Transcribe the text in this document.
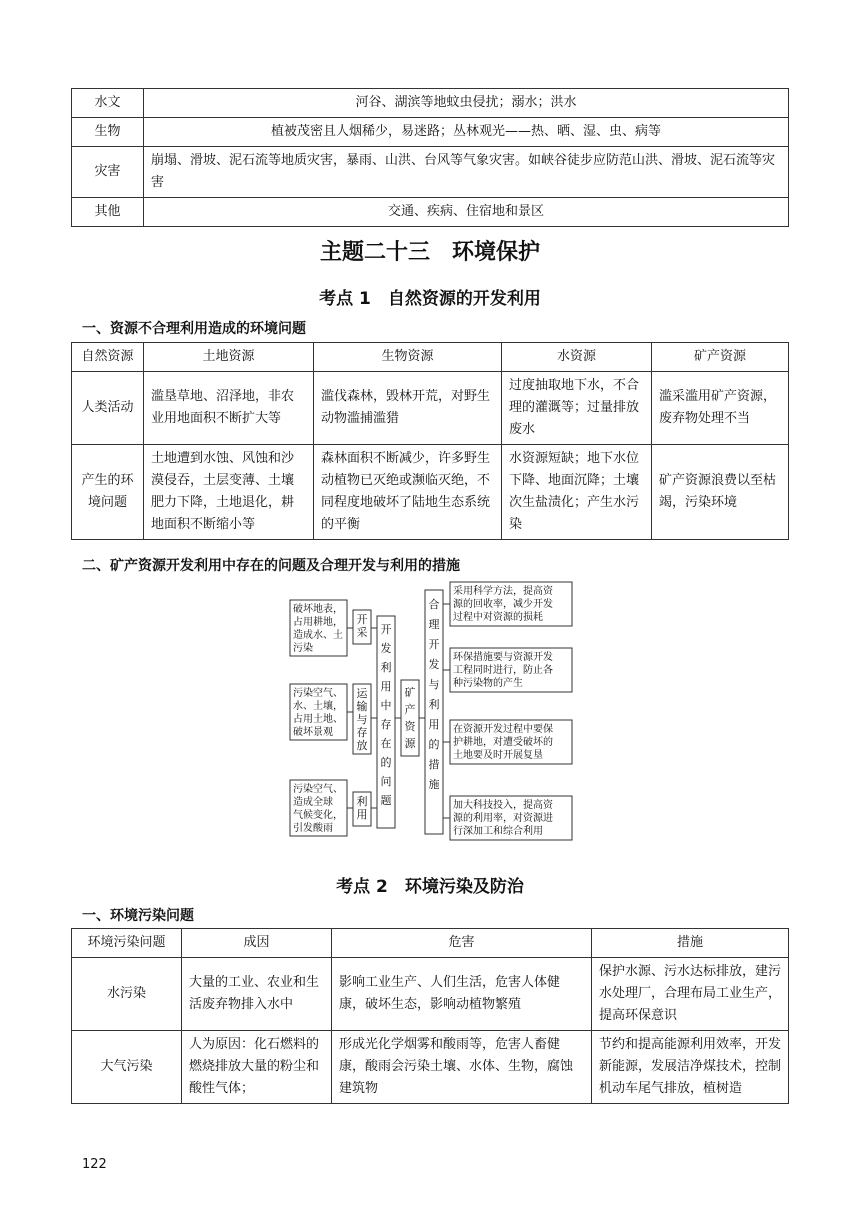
水文	河谷、湖滨等地蚊虫侵扰；溺水；洪水
生物	植被茂密且人烟稀少，易迷路；丛林观光——热、晒、湿、虫、病等
灾害	崩塌、滑坡、泥石流等地质灾害，暴雨、山洪、台风等气象灾害。如峡谷徒步应防范山洪、滑坡、泥石流等灾害
其他	交通、疾病、住宿地和景区
主题二十三　环境保护
考点 1　自然资源的开发利用
一、资源不合理利用造成的环境问题
自然资源	土地资源	生物资源	水资源	矿产资源
人类活动	滥垦草地、沼泽地，非农业用地面积不断扩大等	滥伐森林，毁林开荒，对野生动物滥捕滥猎	过度抽取地下水，不合理的灌溉等；过量排放废水	滥采滥用矿产资源，废弃物处理不当
产生的环境问题	土地遭到水蚀、风蚀和沙漠侵吞，土层变薄、土壤肥力下降，土地退化，耕地面积不断缩小等	森林面积不断减少，许多野生动植物已灭绝或濒临灭绝，不同程度地破坏了陆地生态系统的平衡	水资源短缺；地下水位下降、地面沉降；土壤次生盐渍化；产生水污染	矿产资源浪费以至枯竭，污染环境
二、矿产资源开发利用中存在的问题及合理开发与利用的措施
破坏地表，
占用耕地，
造成水、土
污染
污染空气、
水、土壤，
占用土地、
破坏景观
污染空气、
造成全球
气候变化，
引发酸雨
采用科学方法，提高资
源的回收率，减少开发
过程中对资源的损耗
环保措施要与资源开发
工程同时进行，防止各
种污染物的产生
在资源开发过程中要保
护耕地，对遭受破坏的
土地要及时开展复垦
加大科技投入，提高资
源的利用率，对资源进
行深加工和综合利用
开采
运输与存放
利用
开发利用中存在的问题
矿产资源
合理开发与利用的措施
考点 2　环境污染及防治
一、环境污染问题
环境污染问题	成因	危害	措施
水污染	大量的工业、农业和生活废弃物排入水中	影响工业生产、人们生活，危害人体健康，破坏生态，影响动植物繁殖	保护水源、污水达标排放，建污水处理厂，合理布局工业生产，提高环保意识
大气污染	人为原因：化石燃料的燃烧排放大量的粉尘和酸性气体；	形成光化学烟雾和酸雨等，危害人畜健康，酸雨会污染土壤、水体、生物，腐蚀建筑物	节约和提高能源利用效率，开发新能源，发展洁净煤技术，控制机动车尾气排放，植树造
122
